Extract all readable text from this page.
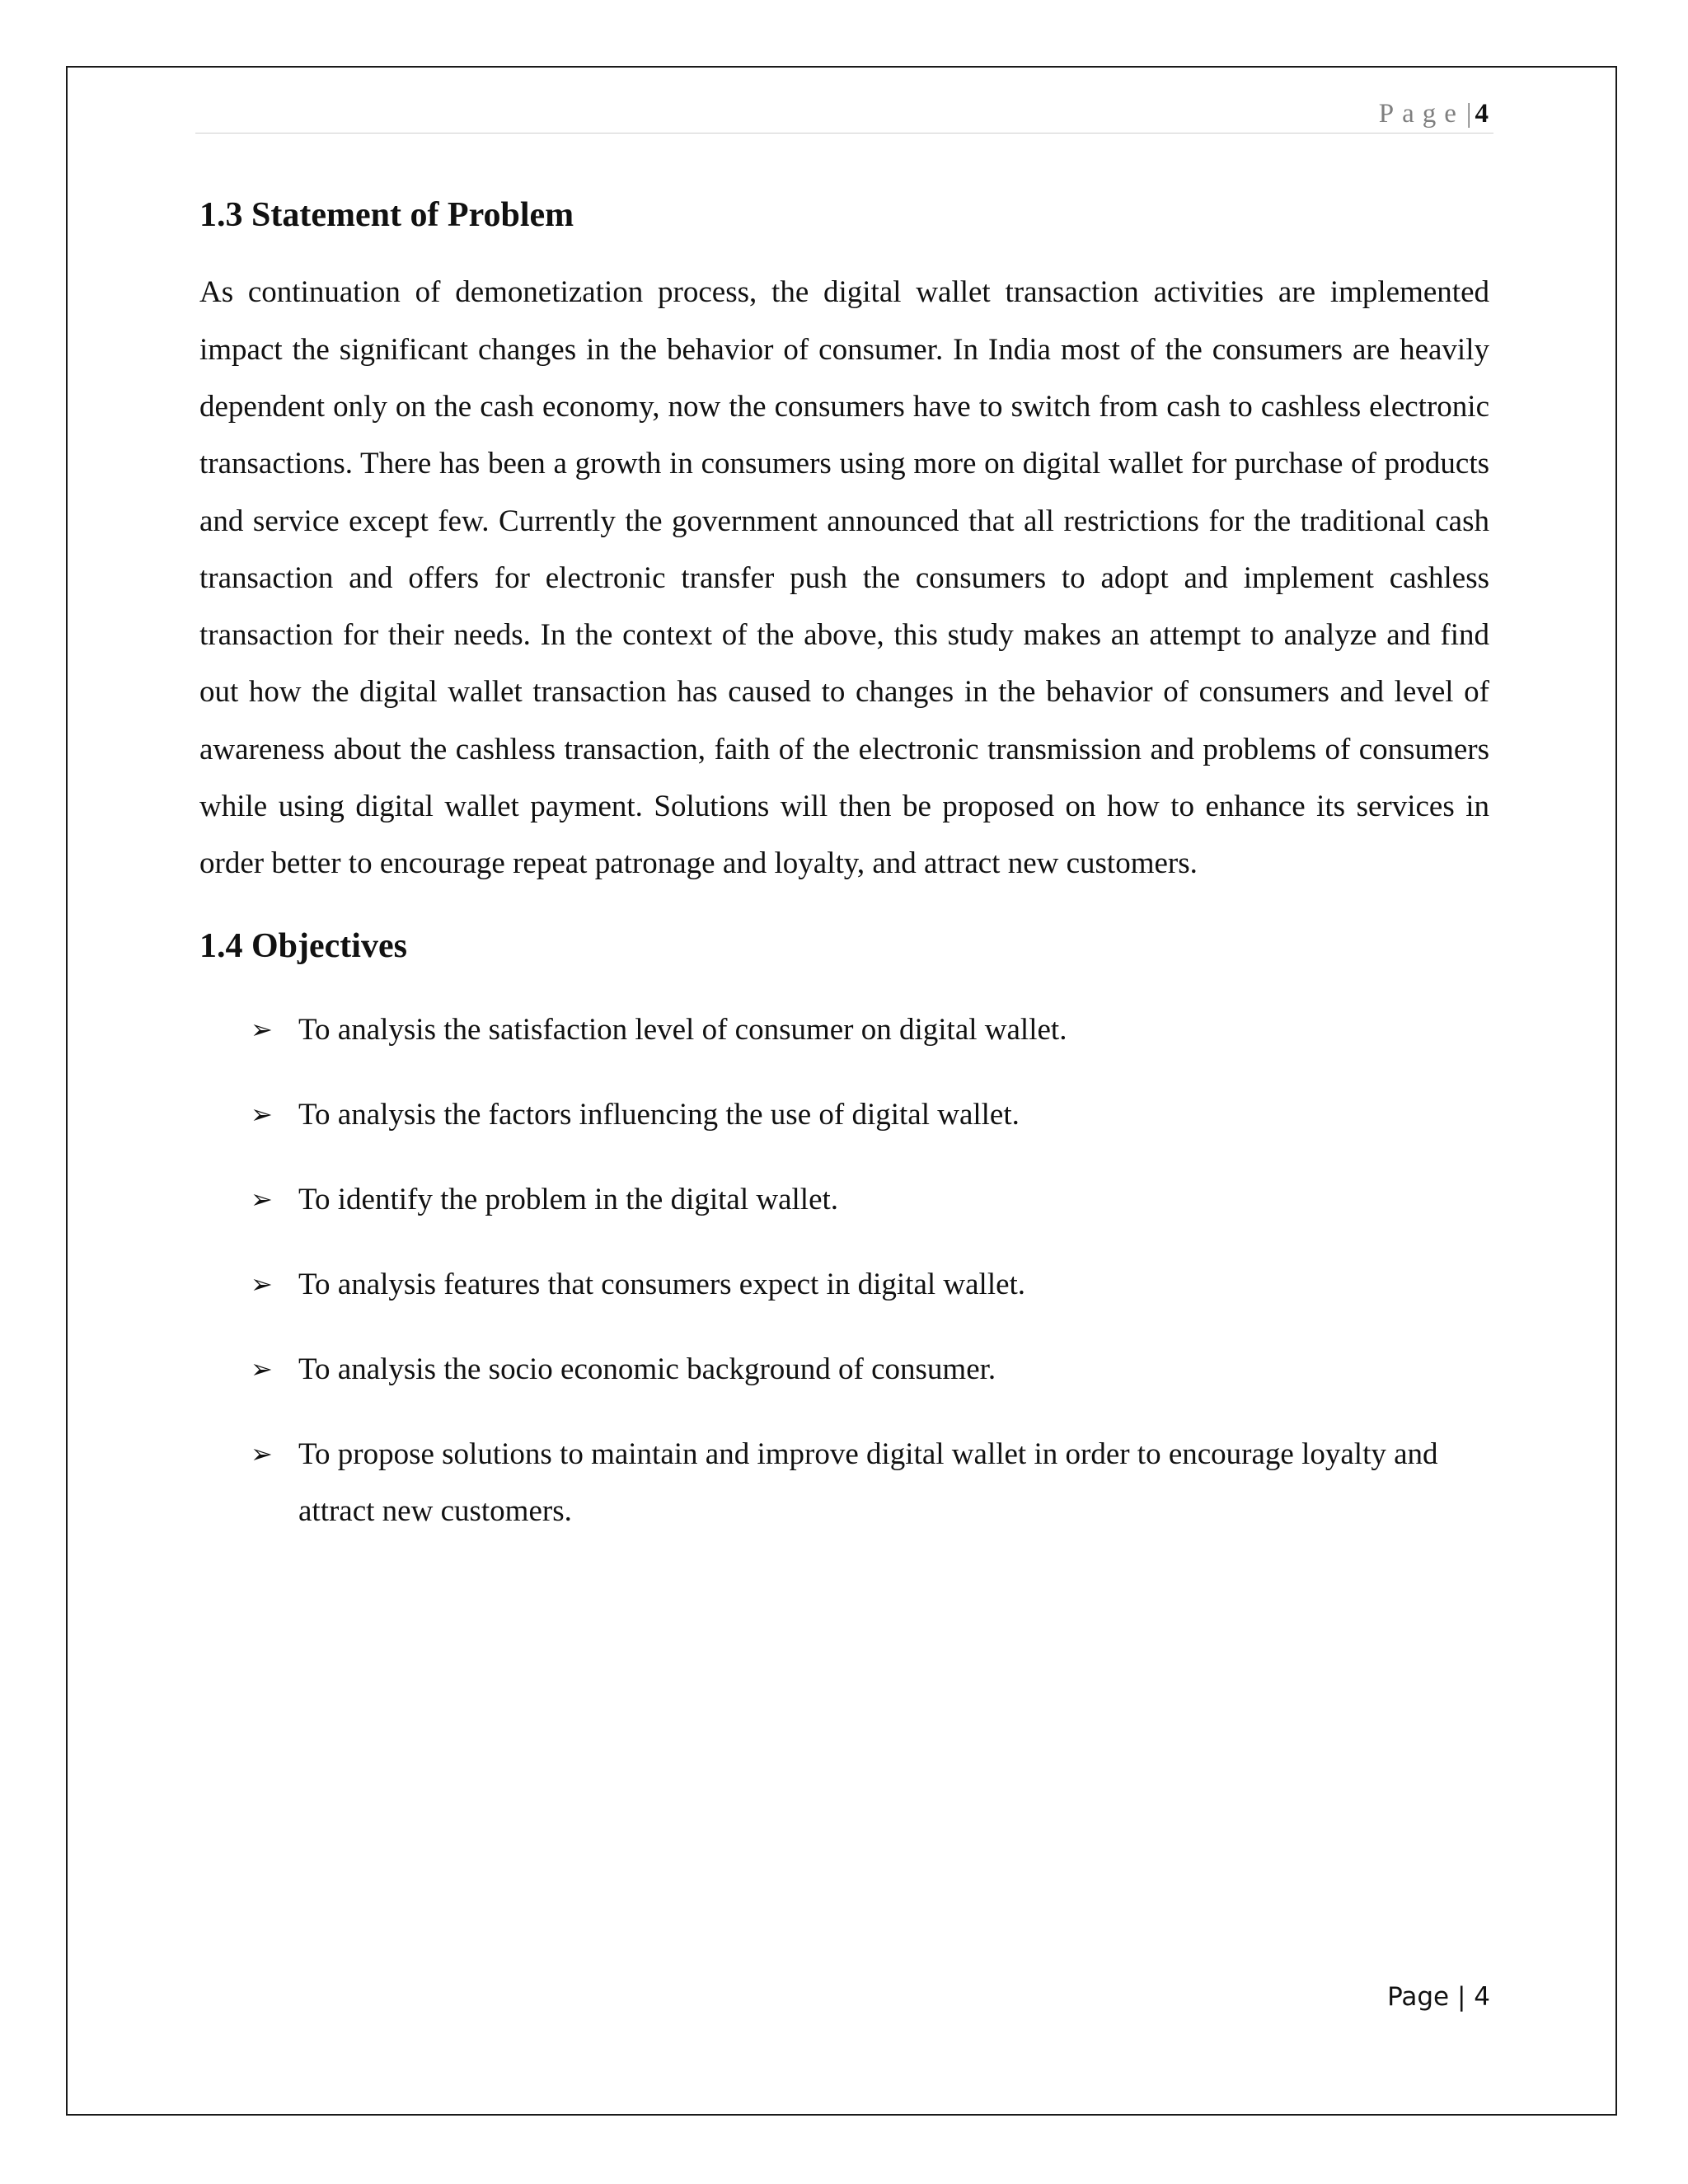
Page| 4
1.3 Statement of Problem

As continuation of demonetization process, the digital wallet transaction activities are implemented impact the significant changes in the behavior of consumer. In India most of the consumers are heavily dependent only on the cash economy, now the consumers have to switch from cash to cashless electronic transactions. There has been a growth in consumers using more on digital wallet for purchase of products and service except few. Currently the government announced that all restrictions for the traditional cash transaction and offers for electronic transfer push the consumers to adopt and implement cashless transaction for their needs. In the context of the above, this study makes an attempt to analyze and find out how the digital wallet transaction has caused to changes in the behavior of consumers and level of awareness about the cashless transaction, faith of the electronic transmission and problems of consumers while using digital wallet payment. Solutions will then be proposed on how to enhance its services in order better to encourage repeat patronage and loyalty, and attract new customers.

1.4 Objectives
➢ To analysis the satisfaction level of consumer on digital wallet.
➢ To analysis the factors influencing the use of digital wallet.
➢ To identify the problem in the digital wallet.
➢ To analysis features that consumers expect in digital wallet.
➢ To analysis the socio economic background of consumer.
➢ To propose solutions to maintain and improve digital wallet in order to encourage loyalty and attract new customers.
Page | 4
